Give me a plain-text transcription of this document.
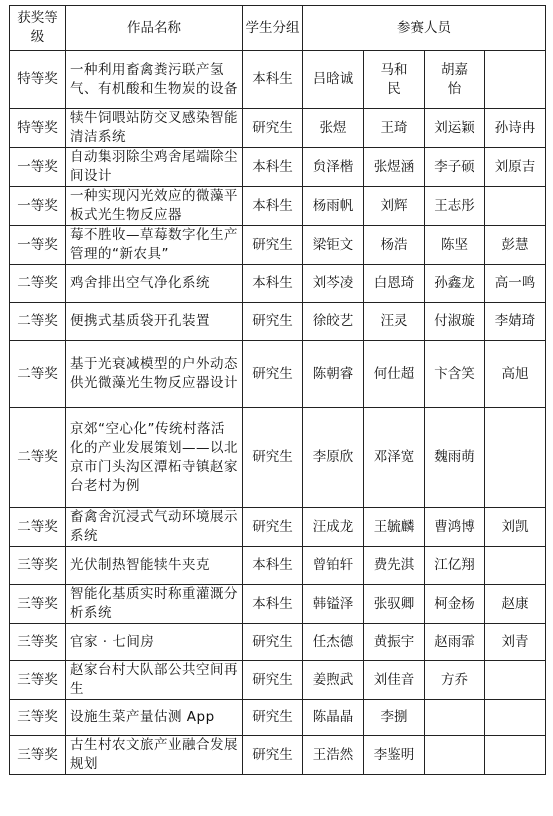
获奖等级	作品名称	学生分组	参赛人员			
特等奖	一种利用畜禽粪污联产氢气、有机酸和生物炭的设备	本科生	吕晗诚	马和民	胡嘉怡	
特等奖	犊牛饲喂站防交叉感染智能清洁系统	研究生	张煜	王琦	刘运颖	孙诗冉
一等奖	自动集羽除尘鸡舍尾端除尘间设计	本科生	贠泽楷	张煜涵	李子硕	刘原吉
一等奖	一种实现闪光效应的微藻平板式光生物反应器	本科生	杨雨帆	刘辉	王志彤	
一等奖	莓不胜收—草莓数字化生产管理的“新农具”	研究生	梁钜文	杨浩	陈坚	彭慧
二等奖	鸡舍排出空气净化系统	本科生	刘芩凌	白恩琦	孙鑫龙	高一鸣
二等奖	便携式基质袋开孔装置	研究生	徐皎艺	汪灵	付淑璇	李婧琦
二等奖	基于光衰减模型的户外动态供光微藻光生物反应器设计	研究生	陈朝睿	何仕超	卞含笑	高旭
二等奖	京郊“空心化”传统村落活化的产业发展策划——以北京市门头沟区潭柘寺镇赵家台老村为例	研究生	李原欣	邓泽宽	魏雨萌	
二等奖	畜禽舍沉浸式气动环境展示系统	研究生	汪成龙	王毓麟	曹鸿博	刘凯
三等奖	光伏制热智能犊牛夹克	本科生	曾铂轩	费先淇	江亿翔	
三等奖	智能化基质实时称重灌溉分析系统	本科生	韩镒泽	张驭卿	柯金杨	赵康
三等奖	官家 · 七间房	研究生	任杰德	黄振宇	赵雨霏	刘青
三等奖	赵家台村大队部公共空间再生	研究生	姜煦武	刘佳音	方乔	
三等奖	设施生菜产量估测 App	研究生	陈晶晶	李捌		
三等奖	古生村农文旅产业融合发展规划	研究生	王浩然	李鉴明		
